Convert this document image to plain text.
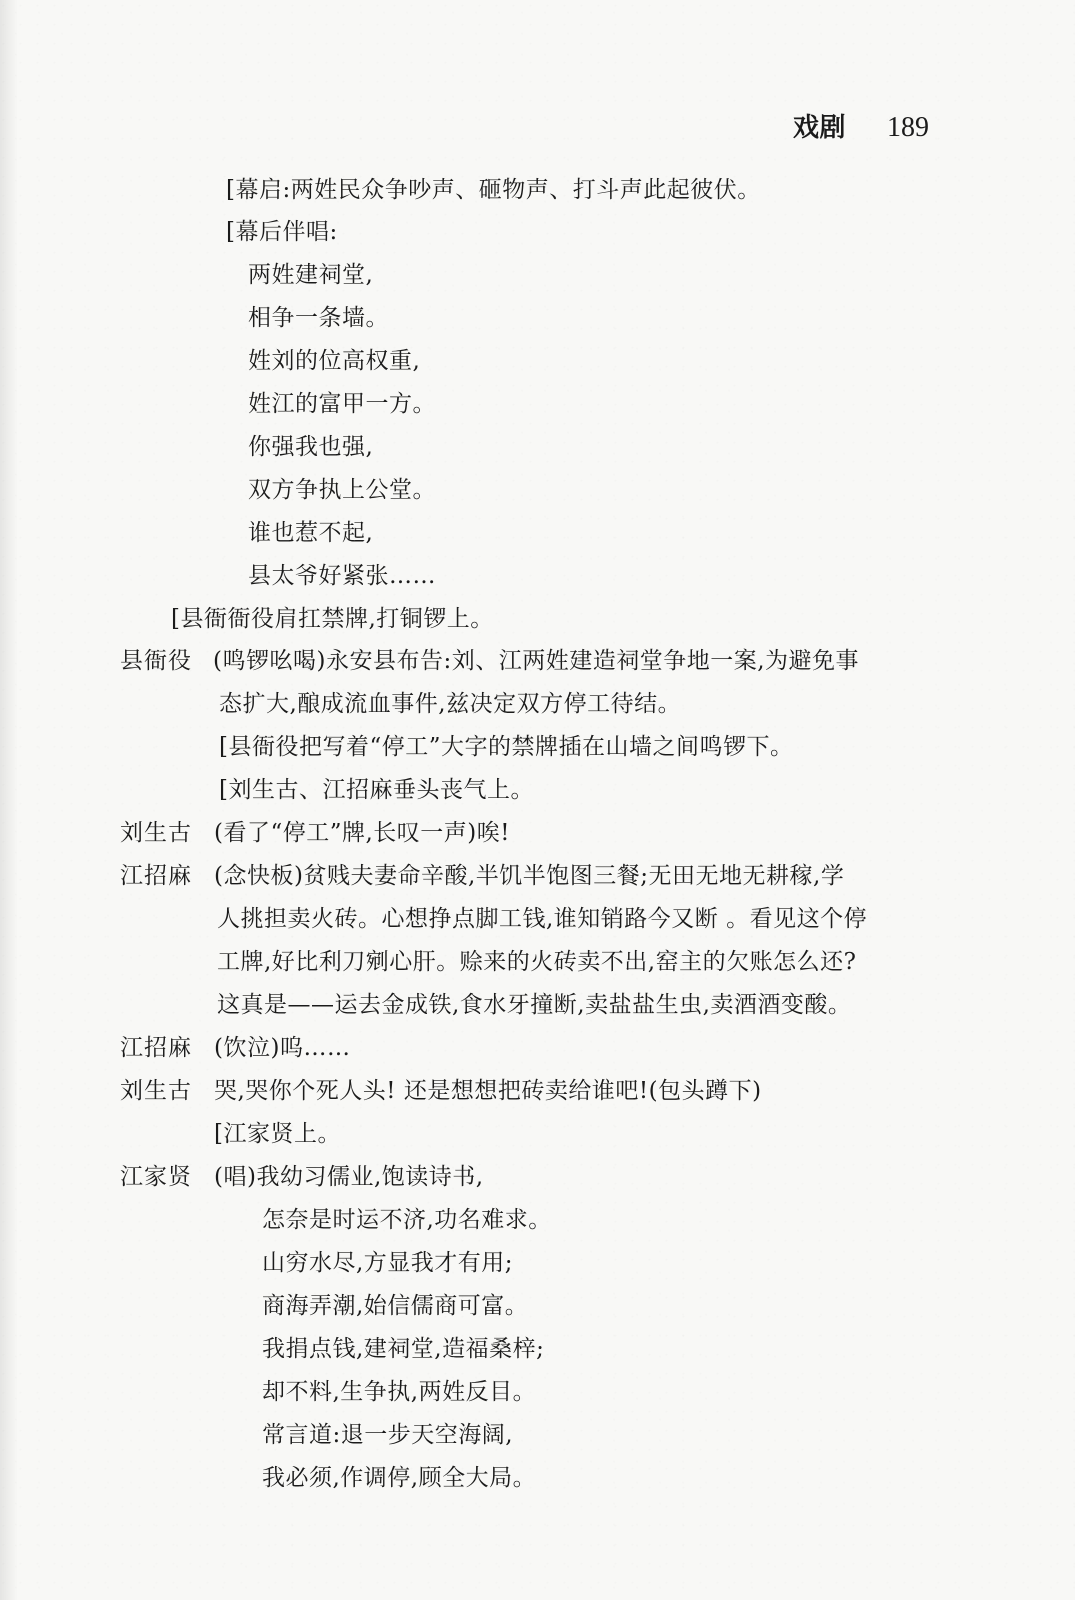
戏剧 189
[幕启:两姓民众争吵声、砸物声、打斗声此起彼伏。
[幕后伴唱:
两姓建祠堂,
相争一条墙。
姓刘的位高权重,
姓江的富甲一方。
你强我也强,
双方争执上公堂。
谁也惹不起,
县太爷好紧张……
[县衙衙役肩扛禁牌,打铜锣上。
县衙役 (鸣锣吆喝)永安县布告:刘、江两姓建造祠堂争地一案,为避免事
态扩大,酿成流血事件,兹决定双方停工待结。
[县衙役把写着“停工”大字的禁牌插在山墙之间鸣锣下。
[刘生古、江招麻垂头丧气上。
刘生古 (看了“停工”牌,长叹一声)唉!
江招麻 (念快板)贫贱夫妻命辛酸,半饥半饱图三餐;无田无地无耕稼,学
人挑担卖火砖。心想挣点脚工钱,谁知销路今又断 。看见这个停
工牌,好比利刀剜心肝。赊来的火砖卖不出,窑主的欠账怎么还?
这真是——运去金成铁,食水牙撞断,卖盐盐生虫,卖酒酒变酸。
江招麻 (饮泣)呜……
刘生古 哭,哭你个死人头! 还是想想把砖卖给谁吧!(包头蹲下)
[江家贤上。
江家贤 (唱)我幼习儒业,饱读诗书,
怎奈是时运不济,功名难求。
山穷水尽,方显我才有用;
商海弄潮,始信儒商可富。
我捐点钱,建祠堂,造福桑梓;
却不料,生争执,两姓反目。
常言道:退一步天空海阔,
我必须,作调停,顾全大局。
